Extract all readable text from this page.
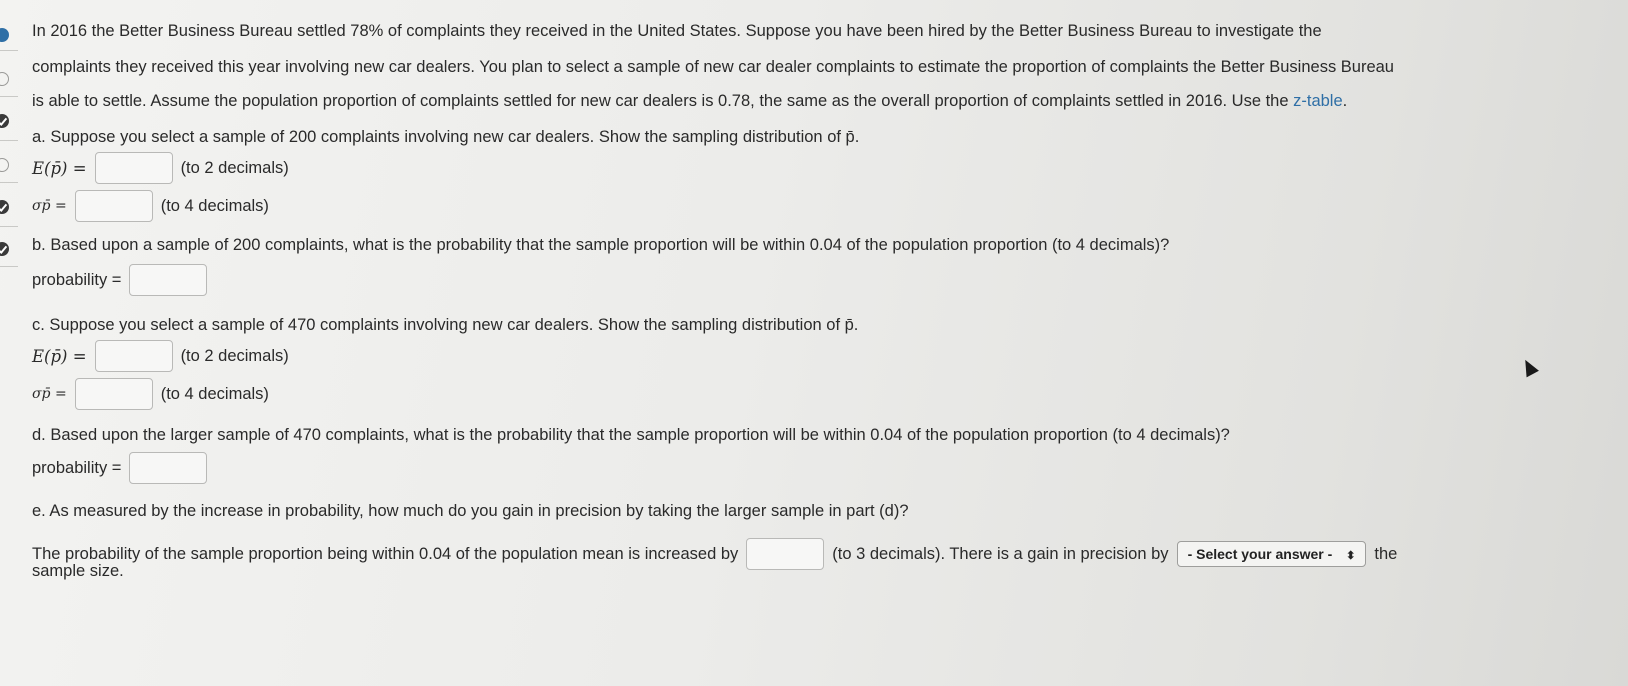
In 2016 the Better Business Bureau settled 78% of complaints they received in the United States. Suppose you have been hired by the Better Business Bureau to investigate the
complaints they received this year involving new car dealers. You plan to select a sample of new car dealer complaints to estimate the proportion of complaints the Better Business Bureau
is able to settle. Assume the population proportion of complaints settled for new car dealers is 0.78, the same as the overall proportion of complaints settled in 2016. Use the z-table.
a. Suppose you select a sample of 200 complaints involving new car dealers. Show the sampling distribution of p̄.
E(p̄) =	(to 2 decimals)
σp̄ =	(to 4 decimals)
b. Based upon a sample of 200 complaints, what is the probability that the sample proportion will be within 0.04 of the population proportion (to 4 decimals)?
probability =
c. Suppose you select a sample of 470 complaints involving new car dealers. Show the sampling distribution of p̄.
E(p̄) =	(to 2 decimals)
σp̄ =	(to 4 decimals)
d. Based upon the larger sample of 470 complaints, what is the probability that the sample proportion will be within 0.04 of the population proportion (to 4 decimals)?
probability =
e. As measured by the increase in probability, how much do you gain in precision by taking the larger sample in part (d)?
The probability of the sample proportion being within 0.04 of the population mean is increased by	(to 3 decimals). There is a gain in precision by	- Select your answer - ⬍	the
sample size.
